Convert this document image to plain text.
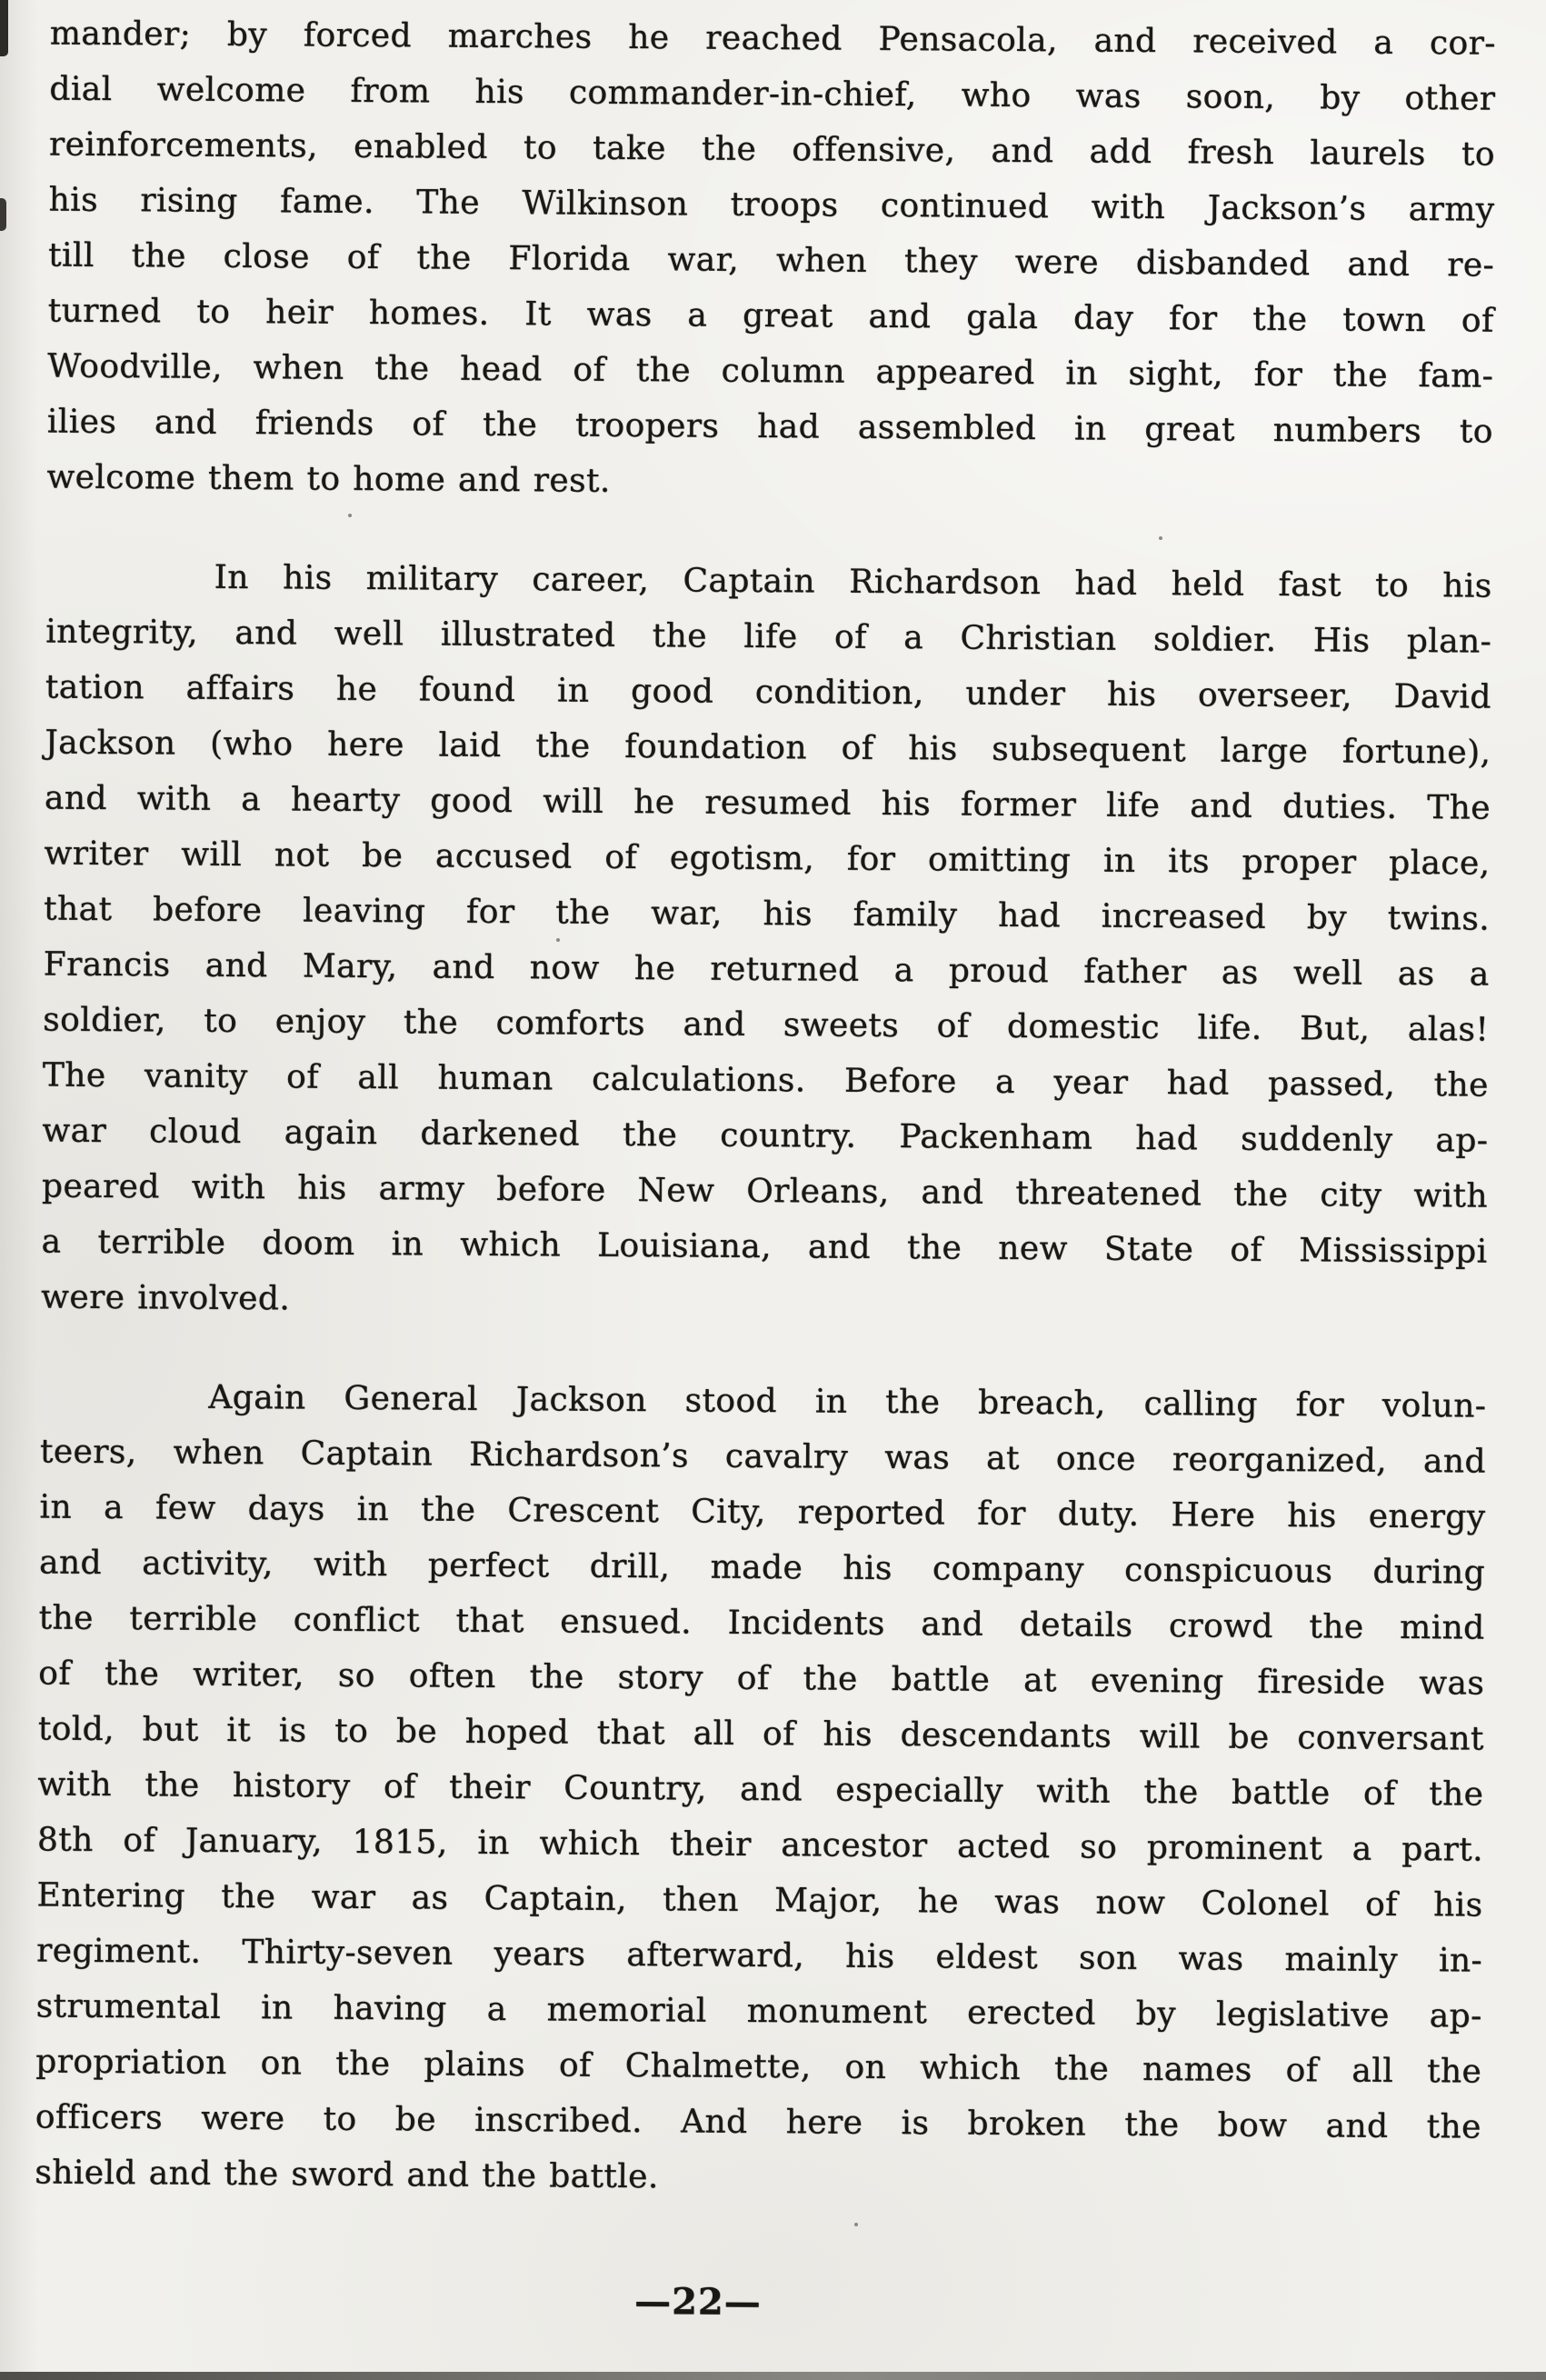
mander; by forced marches he reached Pensacola, and received a cor-
dial welcome from his commander-in-chief, who was soon, by other
reinforcements, enabled to take the offensive, and add fresh laurels to
his rising fame. The Wilkinson troops continued with Jackson’s army
till the close of the Florida war, when they were disbanded and re-
turned to heir homes. It was a great and gala day for the town of
Woodville, when the head of the column appeared in sight, for the fam-
ilies and friends of the troopers had assembled in great numbers to
welcome them to home and rest.
In his military career, Captain Richardson had held fast to his
integrity, and well illustrated the life of a Christian soldier. His plan-
tation affairs he found in good condition, under his overseer, David
Jackson (who here laid the foundation of his subsequent large fortune),
and with a hearty good will he resumed his former life and duties. The
writer will not be accused of egotism, for omitting in its proper place,
that before leaving for the war, his family had increased by twins.
Francis and Mary, and now he returned a proud father as well as a
soldier, to enjoy the comforts and sweets of domestic life. But, alas!
The vanity of all human calculations. Before a year had passed, the
war cloud again darkened the country. Packenham had suddenly ap-
peared with his army before New Orleans, and threatened the city with
a terrible doom in which Louisiana, and the new State of Mississippi
were involved.
Again General Jackson stood in the breach, calling for volun-
teers, when Captain Richardson’s cavalry was at once reorganized, and
in a few days in the Crescent City, reported for duty. Here his energy
and activity, with perfect drill, made his company conspicuous during
the terrible conflict that ensued. Incidents and details crowd the mind
of the writer, so often the story of the battle at evening fireside was
told, but it is to be hoped that all of his descendants will be conversant
with the history of their Country, and especially with the battle of the
8th of January, 1815, in which their ancestor acted so prominent a part.
Entering the war as Captain, then Major, he was now Colonel of his
regiment. Thirty-seven years afterward, his eldest son was mainly in-
strumental in having a memorial monument erected by legislative ap-
propriation on the plains of Chalmette, on which the names of all the
officers were to be inscribed. And here is broken the bow and the
shield and the sword and the battle.
—22—
